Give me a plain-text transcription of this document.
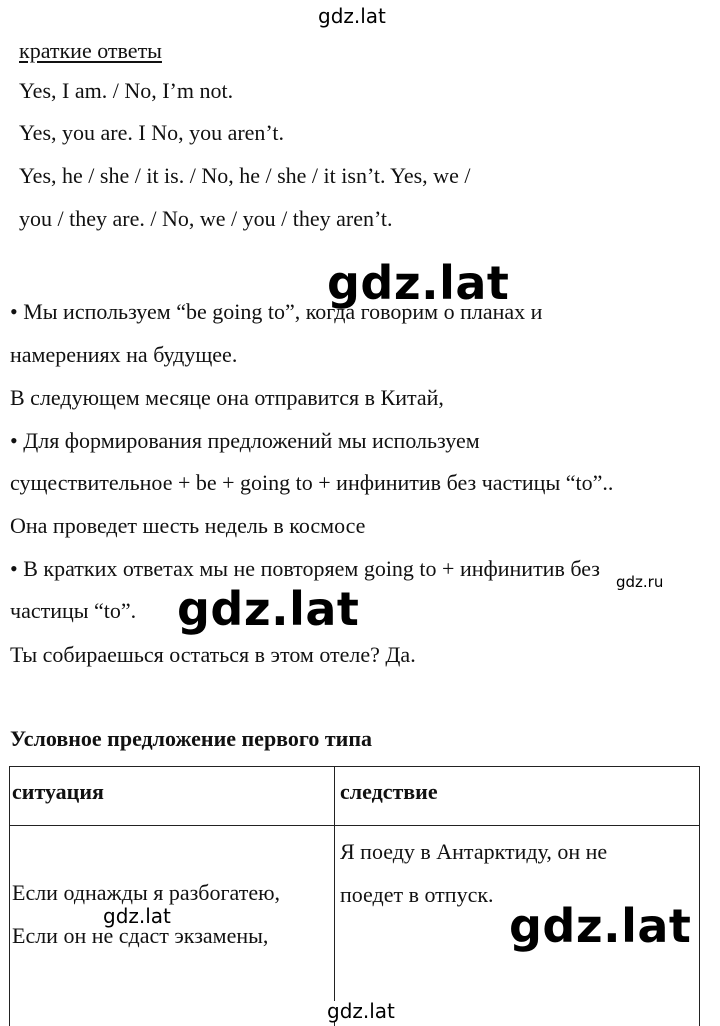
gdz.lat
краткие ответы
Yes, I am. / No, I’m not.
Yes, you are. I No, you aren’t.
Yes, he / she / it is. / No, he / she / it isn’t. Yes, we /
you / they are. / No, we / you / they aren’t.
• Мы используем “be going to”, когда говорим о планах и
gdz.lat
намерениях на будущее.
В следующем месяце она отправится в Китай,
• Для формирования предложений мы используем
существительное + be + going to + инфинитив без частицы “to”..
Она проведет шесть недель в космосе
• В кратких ответах мы не повторяем going to + инфинитив без
gdz.ru
частицы “to”. gdz.lat
Ты собираешься остаться в этом отеле? Да.
Условное предложение первого типа
ситуация	следствие
Я поеду в Антарктиду, он не
поедет в отпуск.
Если однажды я разбогатею,
Если он не сдаст экзамены,
gdz.lat	gdz.lat
gdz.lat
